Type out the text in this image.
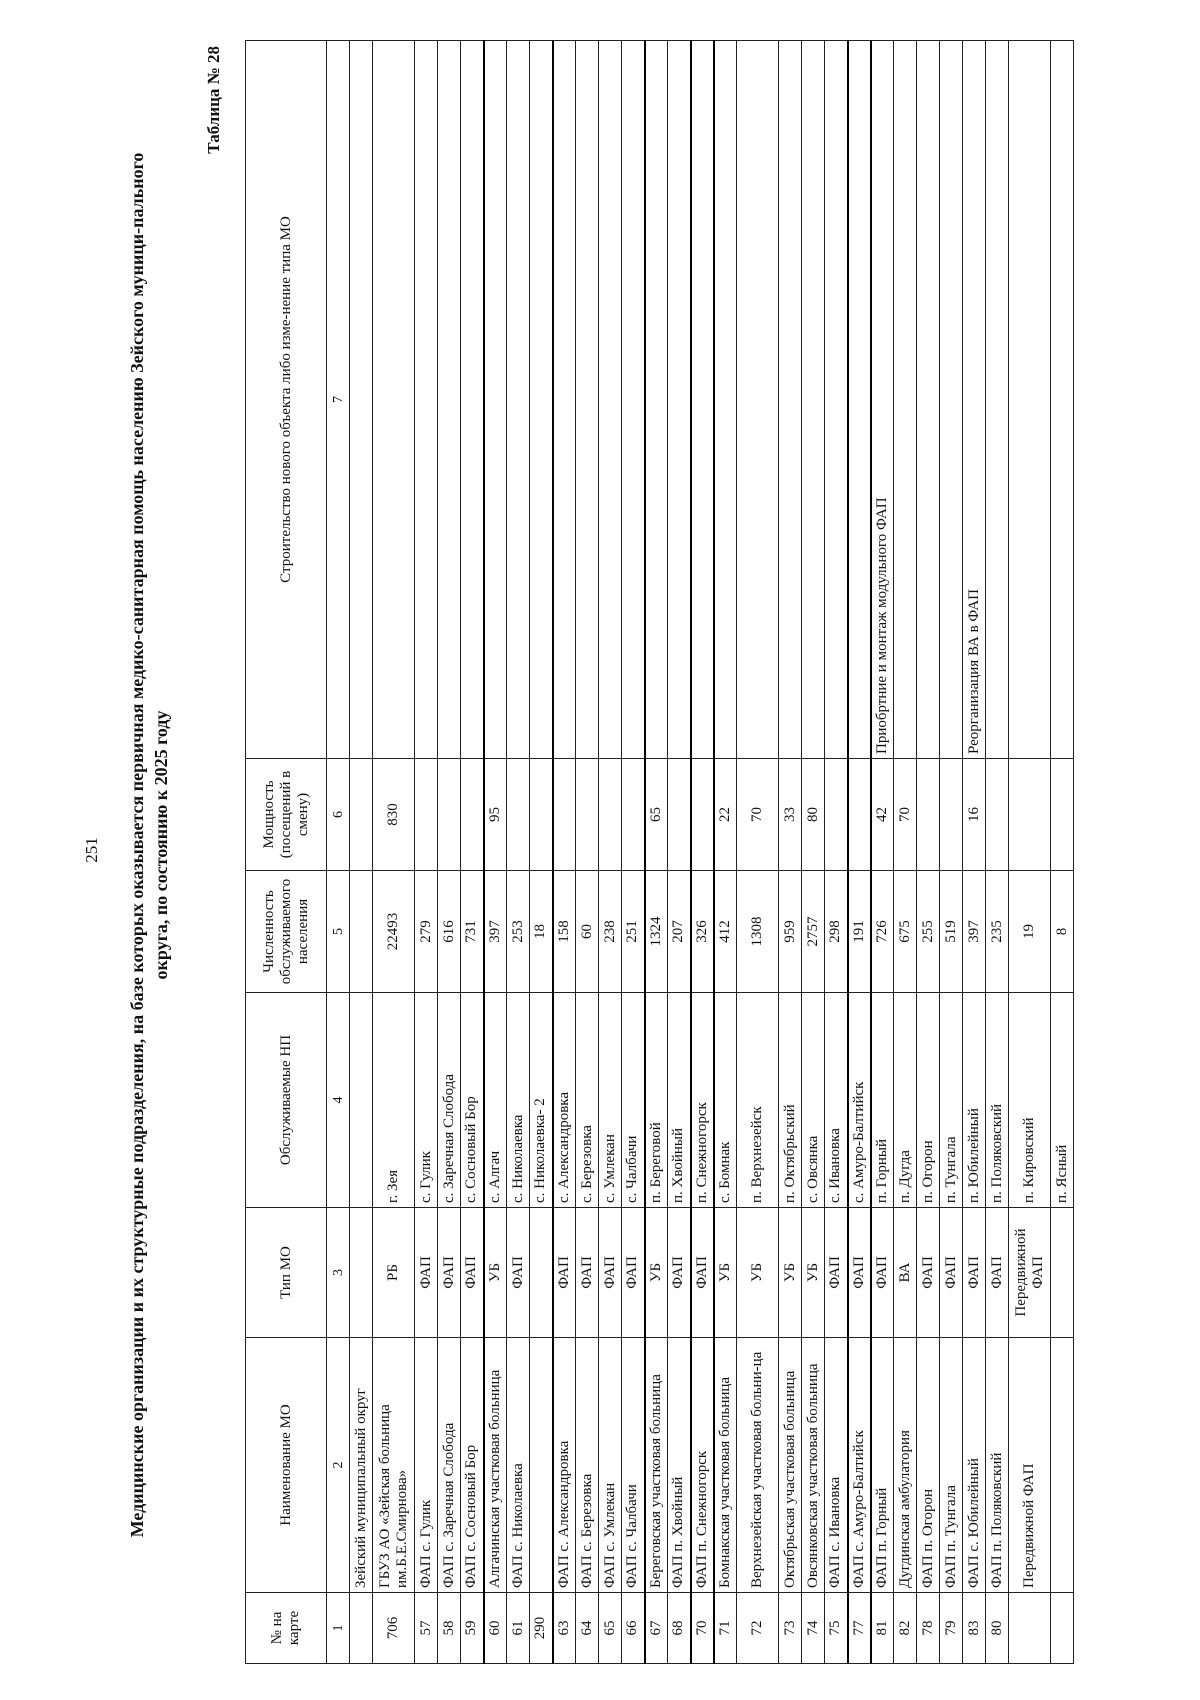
251 Медицинские организации и их структурные подразделения, на базе которых оказывается первичная медико-санитарная помощь населению Зейского муници-пального округа, по состоянию к 2025 году
Таблица № 28
№ на карте	Наименование МО	Тип МО	Обслуживаемые НП	Численность обслуживаемого населения	Мощность (посещений в смену)	Строительство нового объекта либо изме-нение типа МО
1	2	3	4	5	6	7
	Зейский муниципальный округ					
706	ГБУЗ АО «Зейская больница им.Б.Е.Смирнова»	РБ	г. Зея	22493	830	
57	ФАП с. Гулик	ФАП	с. Гулик	279		
58	ФАП с. Заречная Слобода	ФАП	с. Заречная Слобода	616		
59	ФАП с. Сосновый Бор	ФАП	с. Сосновый Бор	731		
60	Алгачинская участковая больница	УБ	с. Алгач	397	95	
61	ФАП с. Николаевка	ФАП	с. Николаевка	253		
290			с. Николаевка- 2	18		
63	ФАП с. Александровка	ФАП	с. Александровка	158		
64	ФАП с. Березовка	ФАП	с. Березовка	60		
65	ФАП с. Умлекан	ФАП	с. Умлекан	238		
66	ФАП с. Чалбачи	ФАП	с. Чалбачи	251		
67	Береговская участковая больница	УБ	п. Береговой	1324	65	
68	ФАП п. Хвойный	ФАП	п. Хвойный	207		
70	ФАП п. Снежногорск	ФАП	п. Снежногорск	326		
71	Бомнакская участковая больница	УБ	с. Бомнак	412	22	
72	Верхнезейская участковая больни-ца	УБ	п. Верхнезейск	1308	70	
73	Октябрьская участковая больница	УБ	п. Октябрьский	959	33	
74	Овсянковская участковая больница	УБ	с. Овсянка	2757	80	
75	ФАП с. Ивановка	ФАП	с. Ивановка	298		
77	ФАП с. Амуро-Балтийск	ФАП	с. Амуро-Балтийск	191		
81	ФАП п. Горный	ФАП	п. Горный	726	42	Приобртние и монтаж модульного ФАП
82	Дугдинская амбулатория	ВА	п. Дугда	675	70	
78	ФАП п. Огорон	ФАП	п. Огорон	255		
79	ФАП п. Тунгала	ФАП	п. Тунгала	519		
83	ФАП с. Юбилейный	ФАП	п. Юбилейный	397	16	Реорганизация ВА в ФАП
80	ФАП п. Поляковский	ФАП	п. Поляковский	235		
	Передвижной ФАП	Передвижной ФАП	п. Кировский	19		
			п. Ясный	8		
